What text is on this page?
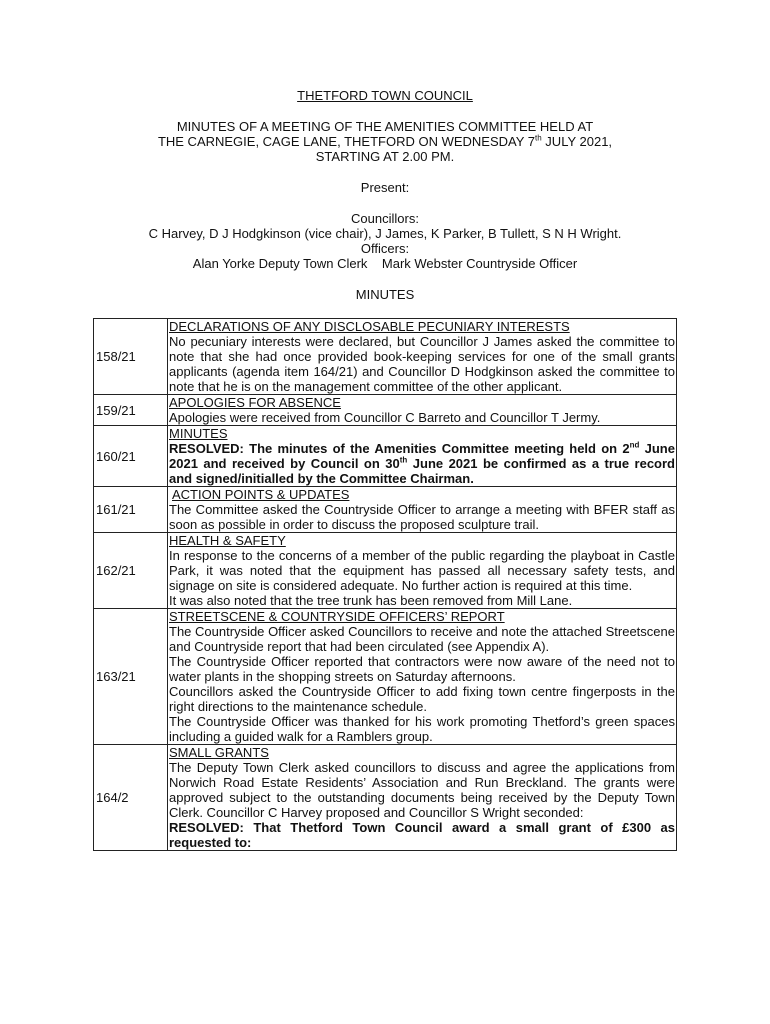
THETFORD TOWN COUNCIL

MINUTES OF A MEETING OF THE AMENITIES COMMITTEE HELD AT

THE CARNEGIE, CAGE LANE, THETFORD ON WEDNESDAY 7th JULY 2021,

STARTING AT 2.00 PM.

Present:

Councillors:

C Harvey, D J Hodgkinson (vice chair), J James, K Parker, B Tullett, S N H Wright.

Officers:

Alan Yorke Deputy Town Clerk    Mark Webster Countryside Officer

MINUTES

158/21	DECLARATIONS OF ANY DISCLOSABLE PECUNIARY INTERESTS
No pecuniary interests were declared, but Councillor J James asked the committee to note that she had once provided book-keeping services for one of the small grants applicants (agenda item 164/21) and Councillor D Hodgkinson asked the committee to note that he is on the management committee of the other applicant.

159/21	APOLOGIES FOR ABSENCE
Apologies were received from Councillor C Barreto and Councillor T Jermy.

160/21	MINUTES
RESOLVED: The minutes of the Amenities Committee meeting held on 2nd June 2021 and received by Council on 30th June 2021 be confirmed as a true record and signed/initialled by the Committee Chairman.

161/21	ACTION POINTS & UPDATES
The Committee asked the Countryside Officer to arrange a meeting with BFER staff as soon as possible in order to discuss the proposed sculpture trail.

162/21	HEALTH & SAFETY
In response to the concerns of a member of the public regarding the playboat in Castle Park, it was noted that the equipment has passed all necessary safety tests, and signage on site is considered adequate. No further action is required at this time.
It was also noted that the tree trunk has been removed from Mill Lane.

163/21	STREETSCENE & COUNTRYSIDE OFFICERS’ REPORT
The Countryside Officer asked Councillors to receive and note the attached Streetscene and Countryside report that had been circulated (see Appendix A).
The Countryside Officer reported that contractors were now aware of the need not to water plants in the shopping streets on Saturday afternoons.
Councillors asked the Countryside Officer to add fixing town centre fingerposts in the right directions to the maintenance schedule.
The Countryside Officer was thanked for his work promoting Thetford’s green spaces including a guided walk for a Ramblers group.

164/2	SMALL GRANTS
The Deputy Town Clerk asked councillors to discuss and agree the applications from Norwich Road Estate Residents’ Association and Run Breckland. The grants were approved subject to the outstanding documents being received by the Deputy Town Clerk. Councillor C Harvey proposed and Councillor S Wright seconded:
RESOLVED: That Thetford Town Council award a small grant of £300 as requested to:
